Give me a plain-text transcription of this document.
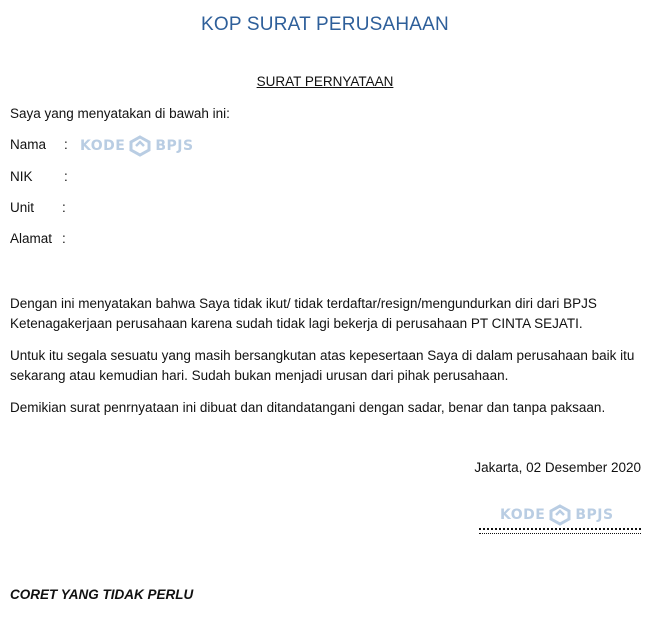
KOP SURAT PERUSAHAAN
SURAT PERNYATAAN
Saya yang menyatakan di bawah ini:
Nama :
NIK :
Unit :
Alamat :
KODE BPJS
Dengan ini menyatakan bahwa Saya tidak ikut/ tidak terdaftar/resign/mengundurkan diri dari BPJS Ketenagakerjaan perusahaan karena sudah tidak lagi bekerja di perusahaan PT CINTA SEJATI.
Untuk itu segala sesuatu yang masih bersangkutan atas kepesertaan Saya di dalam perusahaan baik itu sekarang atau kemudian hari. Sudah bukan menjadi urusan dari pihak perusahaan.
Demikian surat penrnyataan ini dibuat dan ditandatangani dengan sadar, benar dan tanpa paksaan.
Jakarta, 02 Desember 2020
KODE BPJS
CORET YANG TIDAK PERLU
